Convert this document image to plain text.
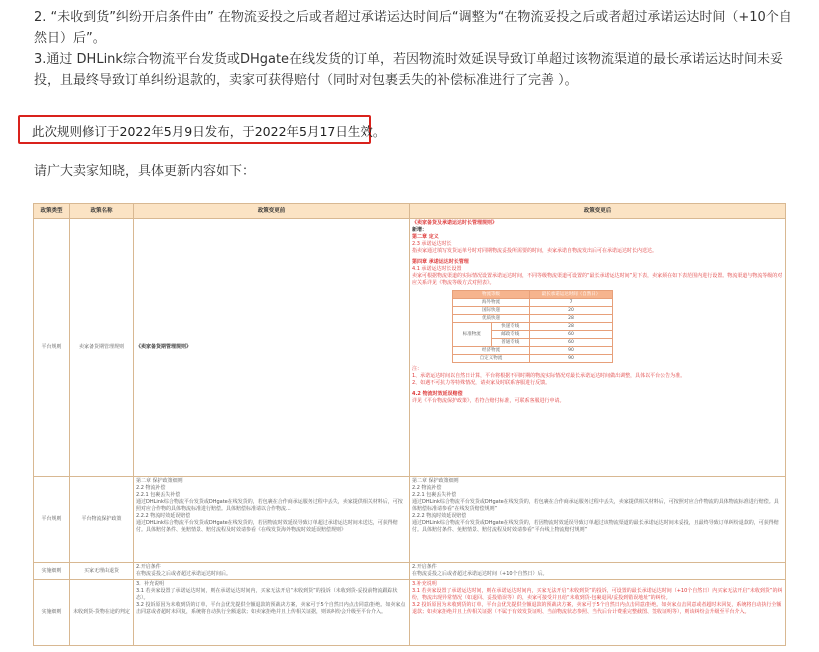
2. “未收到货”纠纷开启条件由” 在物流妥投之后或者超过承诺运达时间后“调整为“在物流妥投之后或者超过承诺运达时间（+10个自然日）后”。
3.通过 DHLink综合物流平台发货或DHgate在线发货的订单，若因物流时效延误导致订单超过该物流渠道的最长承诺运达时间未妥投，且最终导致订单纠纷退款的，卖家可获得赔付（同时对包裹丢失的补偿标准进行了完善 ）。
此次规则修订于2022年5月9日发布，于2022年5月17日生效。
请广大卖家知晓，具体更新内容如下：
政策类型	政策名称	政策变更前	政策变更后
平台规则	卖家备货期管理规则	《卖家备货期管理规则》	
《卖家备货及承诺运达时长管理规则》
新增：
第二章 定义
2.3 承诺运达时长
指卖家通过填写发货运单号时对同期物流妥投所需要的时间，卖家承诺自物流发出后可在承诺运达时长内送达。
第四章 承诺运达时长管理
4.1 承诺运达时长设置
卖家可根据物流渠道的实际情况设置承诺运达时间，不同等级物流渠道可设置的“最长承诺运达时间”见下表，卖家须在如下表范围内进行设置。物流渠道与物流等级的对应关系详见《物流等级方式对照表》。
物流等级	最长承诺运达时间（自然日）
海外物流	7
国际快递	20
优质快递	28
标准物流	快递专线	28
邮政专线	60
普通专线	60
经济物流	90
自定义物流	90
注：
1、承诺运达时间以自然日计算，平台将根据不同时期的物流实际情况对最长承诺运达时间做出调整，具体以平台公告为准。
2、如遇不可抗力等特殊情况，请卖家及时联系客服进行反馈。
4.2 物流时效延误赔偿
详见《平台物流保护政策》，若符合赔付标准，可联系客服进行申请。

平台规则	平台物流保护政策	第二章 保护政策细则
2.2 物流补偿
2.2.1 包裹丢失补偿
通过DHLink综合物流平台发货或DHgate在线发货的，若包裹在合作商承运服务过程中丢失，卖家提供相关材料后，可按照对应合作物的具体物流标准进行赔偿。具体赔偿标准请以合作物流...
2.2.2 物流时效延误赔偿
通过DHLink综合物流平台发货或DHgate在线发货的，若因物流时效延误导致订单超过承诺运达时间未送达，可获得赔付。具体赔付条件、免赔情景、赔付流程及时效请参看《在线发货海外物流时效延误赔偿规则》	第二章 保护政策细则
2.2 物流补偿
2.2.1 包裹丢失补偿
通过DHLink综合物流平台发货或DHgate在线发货的，若包裹在合作商承运服务过程中丢失，卖家提供相关材料后，可按照对应合作物流的具体物流标准进行赔偿。具体赔偿标准请参看“在线发货赔偿规则”
2.2.2 物流时效延误赔偿
通过DHLink综合物流平台发货或DHgate在线发货的，若因物流时效延误导致订单超过该物流渠道的最长承诺运达时间未妥投，且最终导致订单纠纷退款的，可获得赔付。具体赔付条件、免赔情景、赔付流程及时效请参看“平台线上物流赔付规则”
实施细则	买家无理由退货	2.开启条件
在物流妥投之后或者超过承诺运达时间后。	2.开启条件
在物流妥投之后或者超过承诺运达时间（+10个自然日）后。
实施细则	未收到货-货物在途的判定	3．补充说明
3.1 若卖家设置了承诺运达时间，则在承诺运达时间内，买家无法开启“未收到货”的投诉（未收到货-妥投前物流跟踪状态）。
3.2 投诉原因为未收到货的订单，平台会优先提供全额退款的预裁决方案，卖家可于5个自然日内点击同意/拒绝。如卖家点击同意或者超时未回复，系统将自动执行全额退款；如卖家拒绝并且上传相关证据，则该纠纷会升级至平台介入。	3.补充说明
3.1 若卖家设置了承诺运达时间，则在承诺运达时间内，买家无法开启“未收到货”的投诉，可设置的最长承诺运达时间（+10个自然日）内买家无法开启“未收到货”的纠纷，物流出现异常情况（如退回、妥投错误等）的，卖家可接受并且给“未收到货-包裹退回/妥投到错误地址”的纠纷。
3.2 投诉原因为未收到货的订单，平台会优先提供全额退款的预裁决方案，卖家可于5个自然日内点击同意/拒绝。如卖家点击同意或者超时未回复，系统将自动执行全额退款；如卖家拒绝并且上传相关证据（不属于有效发货证明、当前物流状态参照、当代后台计费重完整截图、签收证明等），则该纠纷会升级至平台介入。
